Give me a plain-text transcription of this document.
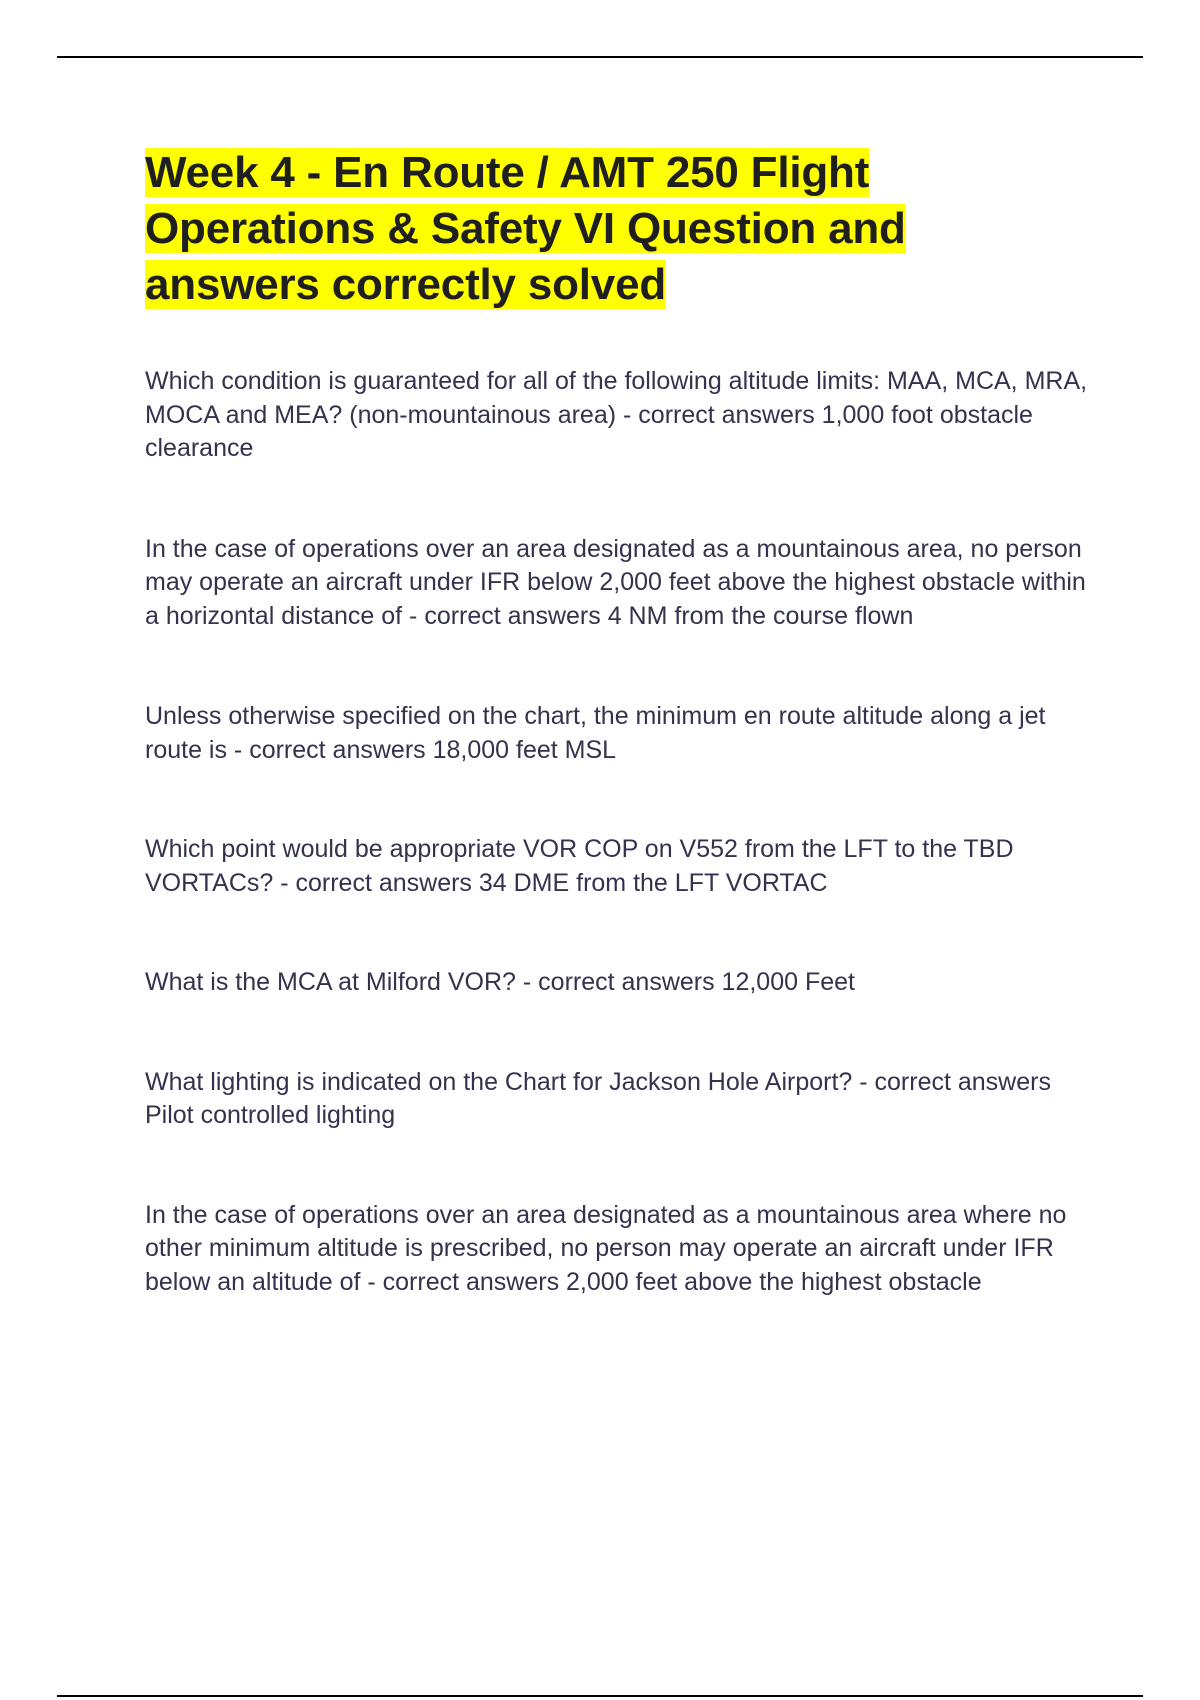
Week 4 - En Route / AMT 250 Flight Operations & Safety VI Question and answers correctly solved

Which condition is guaranteed for all of the following altitude limits: MAA, MCA, MRA, MOCA and MEA? (non-mountainous area) - correct answers 1,000 foot obstacle clearance

In the case of operations over an area designated as a mountainous area, no person may operate an aircraft under IFR below 2,000 feet above the highest obstacle within a horizontal distance of - correct answers 4 NM from the course flown

Unless otherwise specified on the chart, the minimum en route altitude along a jet route is - correct answers 18,000 feet MSL

Which point would be appropriate VOR COP on V552 from the LFT to the TBD VORTACs? - correct answers 34 DME from the LFT VORTAC

What is the MCA at Milford VOR? - correct answers 12,000 Feet

What lighting is indicated on the Chart for Jackson Hole Airport? - correct answers Pilot controlled lighting

In the case of operations over an area designated as a mountainous area where no other minimum altitude is prescribed, no person may operate an aircraft under IFR below an altitude of - correct answers 2,000 feet above the highest obstacle
